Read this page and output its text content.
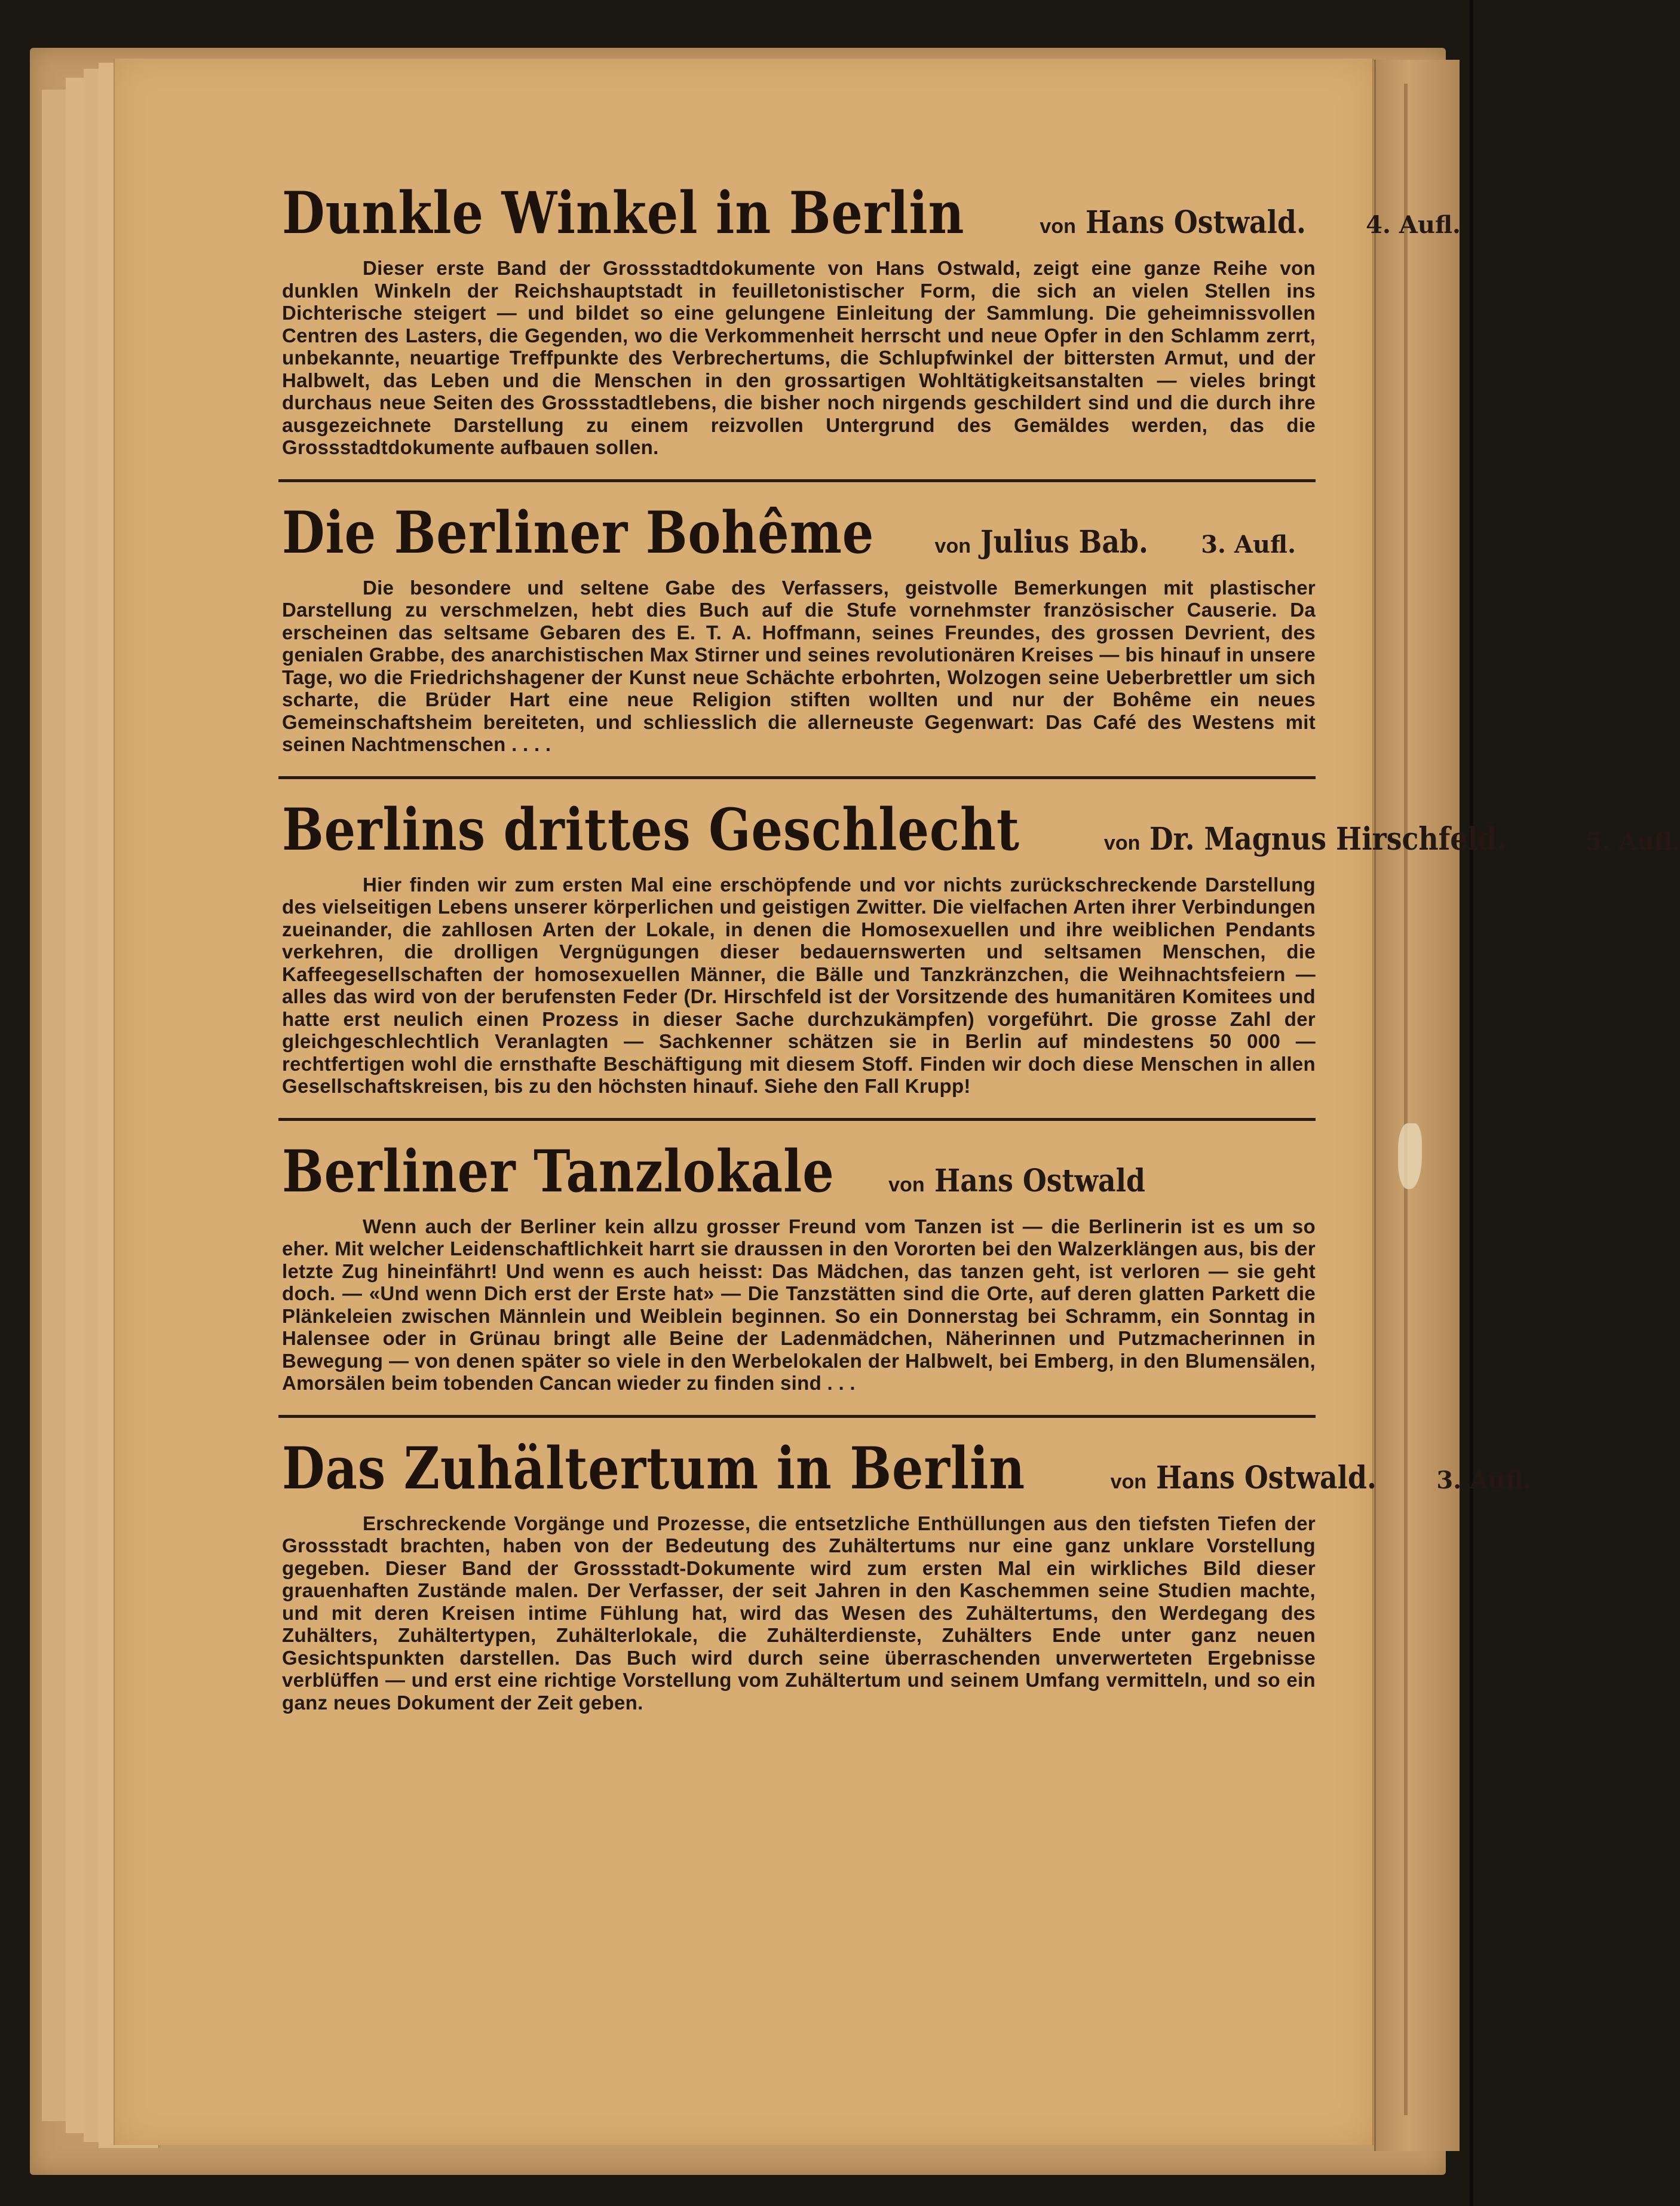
Dunkle Winkel in Berlin	von Hans Ostwald.	4. Aufl.

Dieser erste Band der Grossstadtdokumente von Hans Ostwald, zeigt eine ganze Reihe von dunklen Winkeln der Reichshauptstadt in feuilletonistischer Form, die sich an vielen Stellen ins Dichterische steigert — und bildet so eine gelungene Einleitung der Sammlung. Die geheimnissvollen Centren des Lasters, die Gegenden, wo die Verkommenheit herrscht und neue Opfer in den Schlamm zerrt, unbekannte, neuartige Treffpunkte des Verbrechertums, die Schlupfwinkel der bittersten Armut, und der Halbwelt, das Leben und die Menschen in den grossartigen Wohltätigkeitsanstalten — vieles bringt durchaus neue Seiten des Grossstadtlebens, die bisher noch nirgends geschildert sind und die durch ihre ausgezeichnete Darstellung zu einem reizvollen Untergrund des Gemäldes werden, das die Grossstadtdokumente aufbauen sollen.

Die Berliner Bohême	von Julius Bab. 3. Aufl.

Die besondere und seltene Gabe des Verfassers, geistvolle Bemerkungen mit plastischer Darstellung zu verschmelzen, hebt dies Buch auf die Stufe vornehmster französischer Causerie. Da erscheinen das seltsame Gebaren des E. T. A. Hoffmann, seines Freundes, des grossen Devrient, des genialen Grabbe, des anarchistischen Max Stirner und seines revolutionären Kreises — bis hinauf in unsere Tage, wo die Friedrichshagener der Kunst neue Schächte erbohrten, Wolzogen seine Ueberbrettler um sich scharte, die Brüder Hart eine neue Religion stiften wollten und nur der Bohême ein neues Gemeinschaftsheim bereiteten, und schliesslich die allerneuste Gegenwart: Das Café des Westens mit seinen Nachtmenschen . . . .

Berlins drittes Geschlecht	von Dr. Magnus Hirschfeld.	5. Aufl.

Hier finden wir zum ersten Mal eine erschöpfende und vor nichts zurückschreckende Darstellung des vielseitigen Lebens unserer körperlichen und geistigen Zwitter. Die vielfachen Arten ihrer Verbindungen zueinander, die zahllosen Arten der Lokale, in denen die Homosexuellen und ihre weiblichen Pendants verkehren, die drolligen Vergnügungen dieser bedauernswerten und seltsamen Menschen, die Kaffeegesellschaften der homosexuellen Männer, die Bälle und Tanzkränzchen, die Weihnachtsfeiern — alles das wird von der berufensten Feder (Dr. Hirschfeld ist der Vorsitzende des humanitären Komitees und hatte erst neulich einen Prozess in dieser Sache durchzukämpfen) vorgeführt. Die grosse Zahl der gleichgeschlechtlich Veranlagten — Sachkenner schätzen sie in Berlin auf mindestens 50 000 — rechtfertigen wohl die ernsthafte Beschäftigung mit diesem Stoff. Finden wir doch diese Menschen in allen Gesellschaftskreisen, bis zu den höchsten hinauf. Siehe den Fall Krupp!

Berliner Tanzlokale	von Hans Ostwald

Wenn auch der Berliner kein allzu grosser Freund vom Tanzen ist — die Berlinerin ist es um so eher. Mit welcher Leidenschaftlichkeit harrt sie draussen in den Vororten bei den Walzerklängen aus, bis der letzte Zug hineinfährt! Und wenn es auch heisst: Das Mädchen, das tanzen geht, ist verloren — sie geht doch. — «Und wenn Dich erst der Erste hat» — Die Tanzstätten sind die Orte, auf deren glatten Parkett die Plänkeleien zwischen Männlein und Weiblein beginnen. So ein Donnerstag bei Schramm, ein Sonntag in Halensee oder in Grünau bringt alle Beine der Ladenmädchen, Näherinnen und Putzmacherinnen in Bewegung — von denen später so viele in den Werbelokalen der Halbwelt, bei Emberg, in den Blumensälen, Amorsälen beim tobenden Cancan wieder zu finden sind . . .

Das Zuhältertum in Berlin	von Hans Ostwald.	3. Aufl.

Erschreckende Vorgänge und Prozesse, die entsetzliche Enthüllungen aus den tiefsten Tiefen der Grossstadt brachten, haben von der Bedeutung des Zuhältertums nur eine ganz unklare Vorstellung gegeben. Dieser Band der Grossstadt-Dokumente wird zum ersten Mal ein wirkliches Bild dieser grauenhaften Zustände malen. Der Verfasser, der seit Jahren in den Kaschemmen seine Studien machte, und mit deren Kreisen intime Fühlung hat, wird das Wesen des Zuhältertums, den Werdegang des Zuhälters, Zuhältertypen, Zuhälterlokale, die Zuhälterdienste, Zuhälters Ende unter ganz neuen Gesichtspunkten darstellen. Das Buch wird durch seine überraschenden unverwerteten Ergebnisse verblüffen — und erst eine richtige Vorstellung vom Zuhältertum und seinem Umfang vermitteln, und so ein ganz neues Dokument der Zeit geben.
